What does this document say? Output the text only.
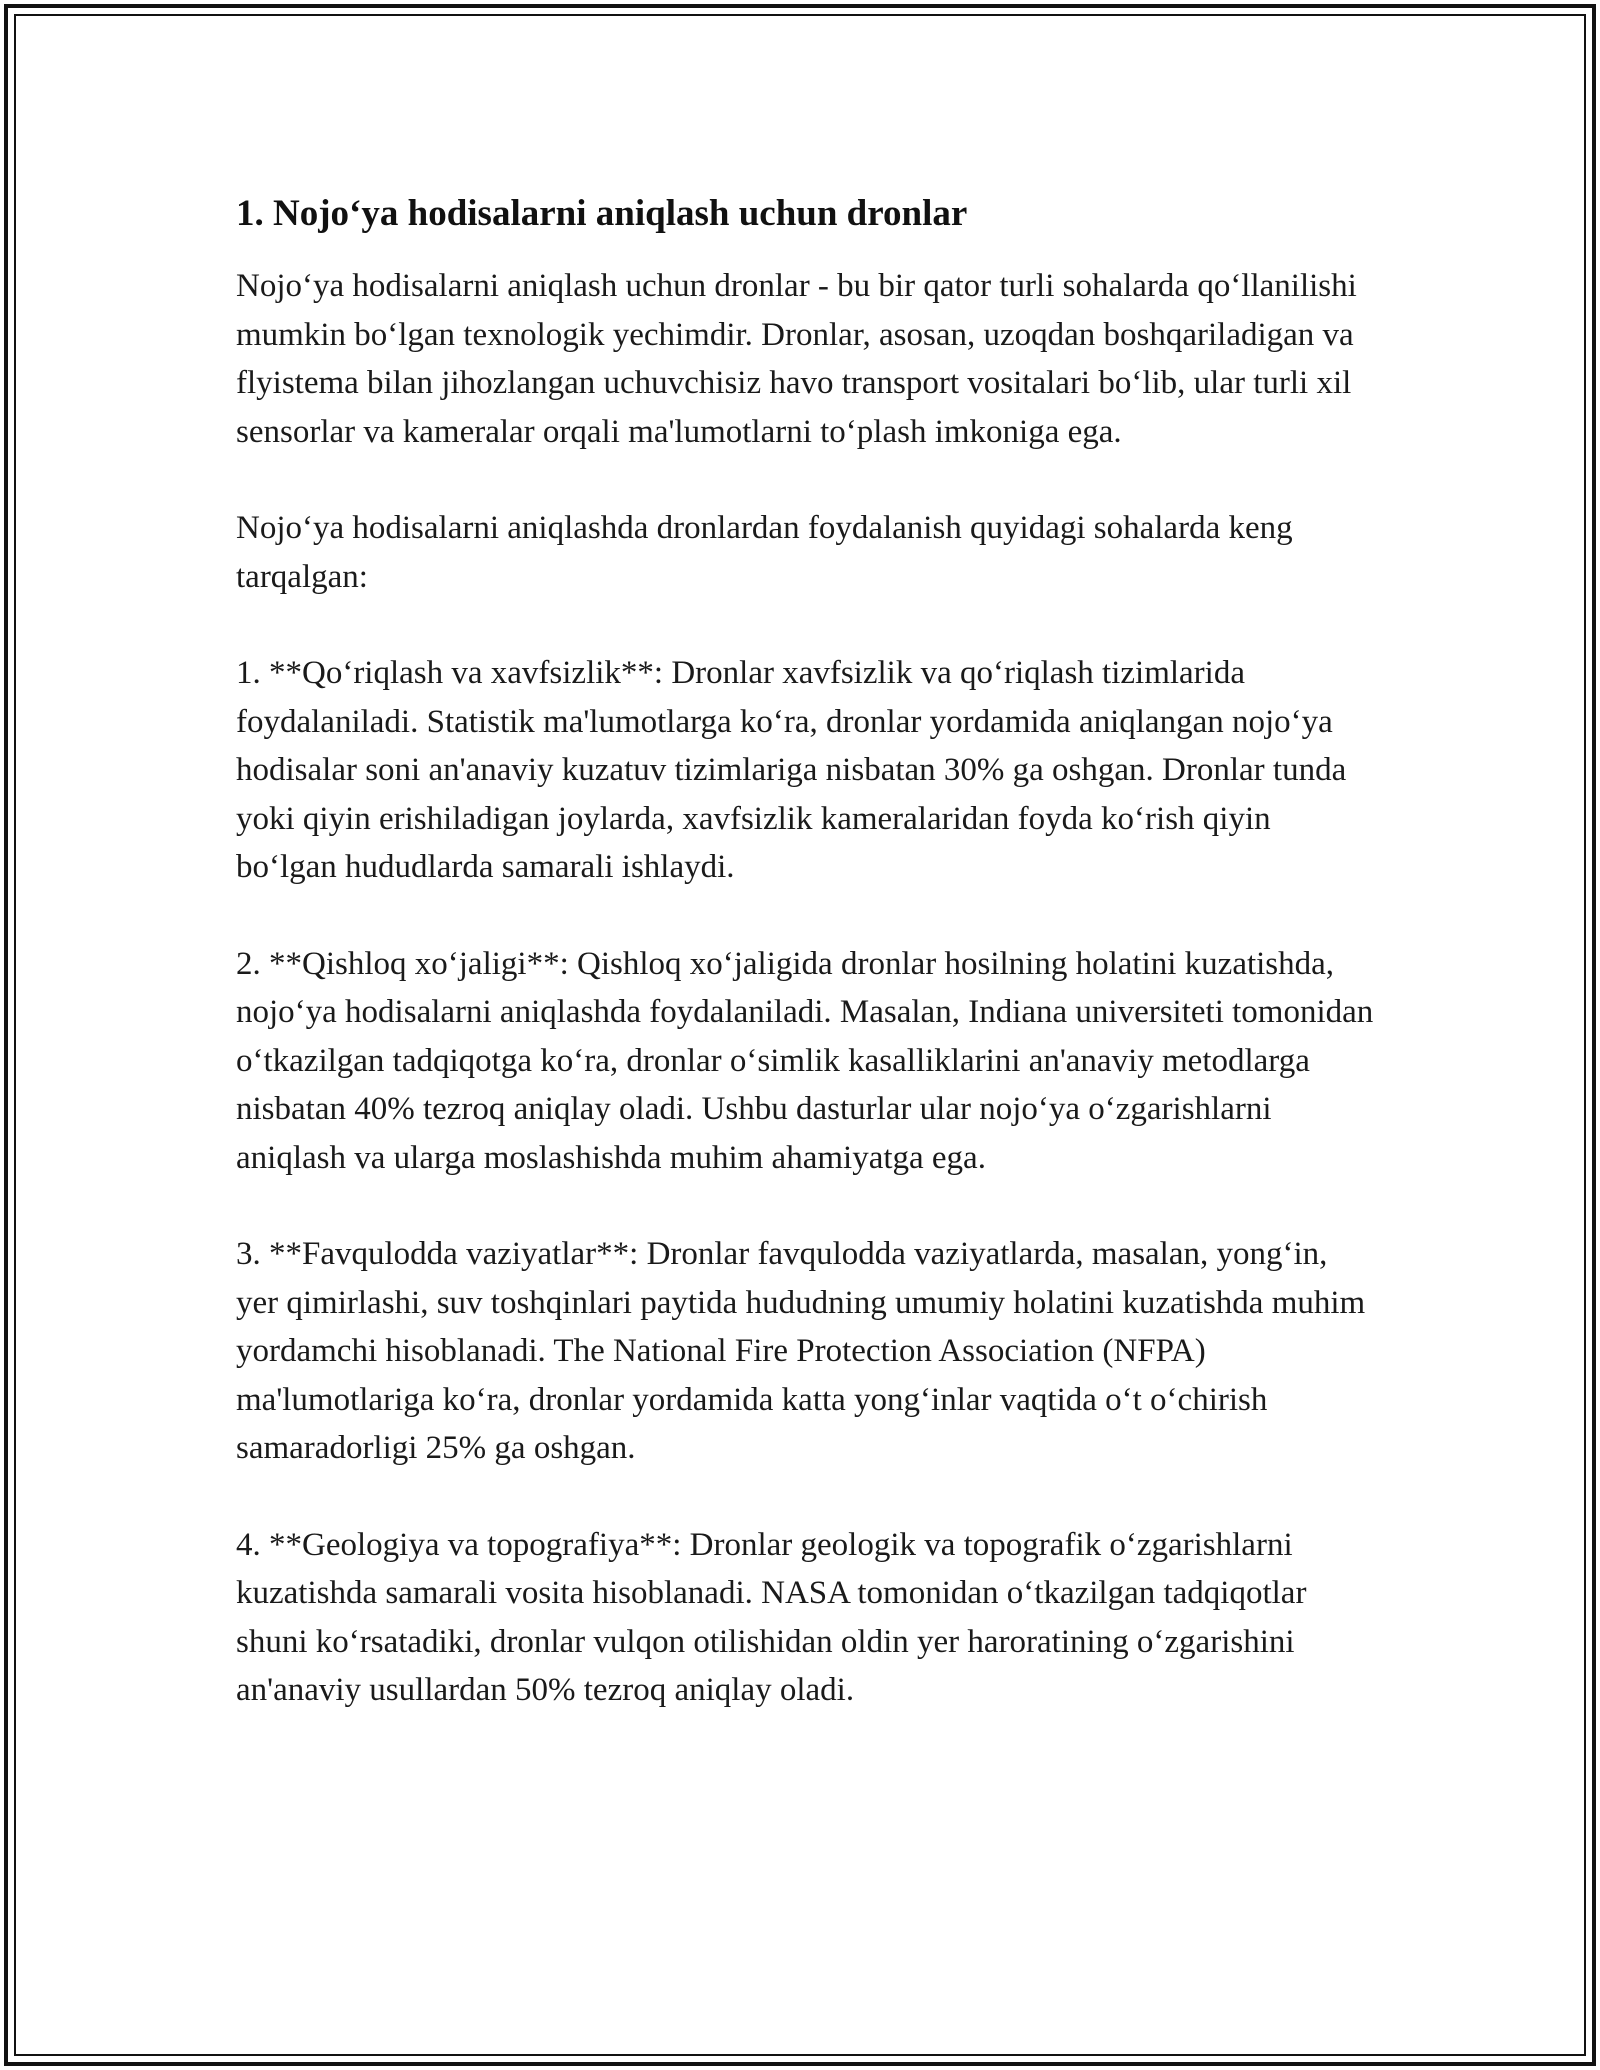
1. Nojo‘ya hodisalarni aniqlash uchun dronlar

Nojo‘ya hodisalarni aniqlash uchun dronlar - bu bir qator turli sohalarda qo‘llanilishi mumkin bo‘lgan texnologik yechimdir. Dronlar, asosan, uzoqdan boshqariladigan va flyistema bilan jihozlangan uchuvchisiz havo transport vositalari bo‘lib, ular turli xil sensorlar va kameralar orqali ma'lumotlarni to‘plash imkoniga ega.

Nojo‘ya hodisalarni aniqlashda dronlardan foydalanish quyidagi sohalarda keng tarqalgan:

1. **Qo‘riqlash va xavfsizlik**: Dronlar xavfsizlik va qo‘riqlash tizimlarida foydalaniladi. Statistik ma'lumotlarga ko‘ra, dronlar yordamida aniqlangan nojo‘ya hodisalar soni an'anaviy kuzatuv tizimlariga nisbatan 30% ga oshgan. Dronlar tunda yoki qiyin erishiladigan joylarda, xavfsizlik kameralaridan foyda ko‘rish qiyin bo‘lgan hududlarda samarali ishlaydi.

2. **Qishloq xo‘jaligi**: Qishloq xo‘jaligida dronlar hosilning holatini kuzatishda, nojo‘ya hodisalarni aniqlashda foydalaniladi. Masalan, Indiana universiteti tomonidan o‘tkazilgan tadqiqotga ko‘ra, dronlar o‘simlik kasalliklarini an'anaviy metodlarga nisbatan 40% tezroq aniqlay oladi. Ushbu dasturlar ular nojo‘ya o‘zgarishlarni aniqlash va ularga moslashishda muhim ahamiyatga ega.

3. **Favqulodda vaziyatlar**: Dronlar favqulodda vaziyatlarda, masalan, yong‘in, yer qimirlashi, suv toshqinlari paytida hududning umumiy holatini kuzatishda muhim yordamchi hisoblanadi. The National Fire Protection Association (NFPA) ma'lumotlariga ko‘ra, dronlar yordamida katta yong‘inlar vaqtida o‘t o‘chirish samaradorligi 25% ga oshgan.

4. **Geologiya va topografiya**: Dronlar geologik va topografik o‘zgarishlarni kuzatishda samarali vosita hisoblanadi. NASA tomonidan o‘tkazilgan tadqiqotlar shuni ko‘rsatadiki, dronlar vulqon otilishidan oldin yer haroratining o‘zgarishini an'anaviy usullardan 50% tezroq aniqlay oladi.
